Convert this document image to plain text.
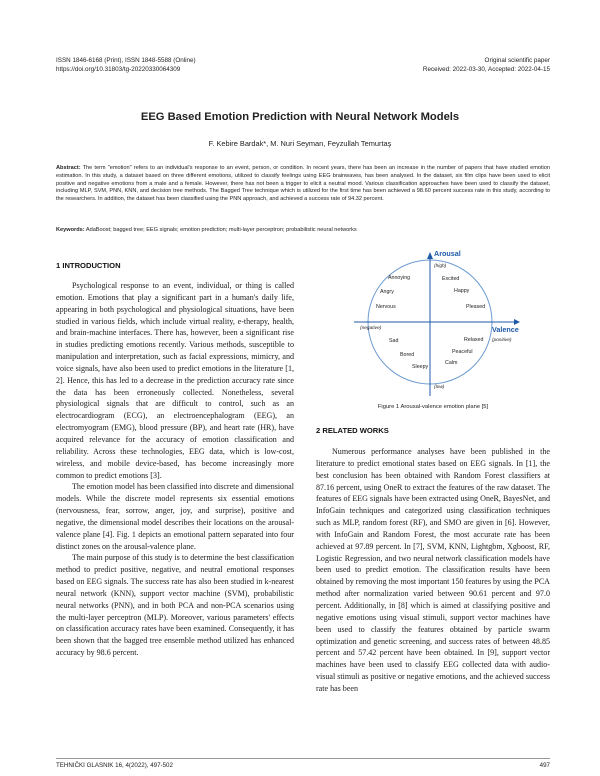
ISSN 1846-6168 (Print), ISSN 1848-5588 (Online)
https://doi.org/10.31803/tg-20220330064309
Original scientific paper
Received: 2022-03-30, Accepted: 2022-04-15
EEG Based Emotion Prediction with Neural Network Models
F. Kebire Bardak*, M. Nuri Seyman, Feyzullah Temurtaş
Abstract: The term "emotion" refers to an individual's response to an event, person, or condition. In recent years, there has been an increase in the number of papers that have studied emotion estimation. In this study, a dataset based on three different emotions, utilized to classify feelings using EEG brainwaves, has been analysed. In the dataset, six film clips have been used to elicit positive and negative emotions from a male and a female. However, there has not been a trigger to elicit a neutral mood. Various classification approaches have been used to classify the dataset, including MLP, SVM, PNN, KNN, and decision tree methods. The Bagged Tree technique which is utilized for the first time has been achieved a 98.60 percent success rate in this study, according to the researchers. In addition, the dataset has been classified using the PNN approach, and achieved a success rate of 94.32 percent.
Keywords: AdaBoost; bagged tree; EEG signals; emotion prediction; multi-layer perceptron; probabilistic neural networks
1 INTRODUCTION

Psychological response to an event, individual, or thing is called emotion. Emotions that play a significant part in a human's daily life, appearing in both psychological and physiological situations, have been studied in various fields, which include virtual reality, e-therapy, health, and brain-machine interfaces. There has, however, been a significant rise in studies predicting emotions recently. Various methods, susceptible to manipulation and interpretation, such as facial expressions, mimicry, and voice signals, have also been used to predict emotions in the literature [1, 2]. Hence, this has led to a decrease in the prediction accuracy rate since the data has been erroneously collected. Nonetheless, several physiological signals that are difficult to control, such as an electrocardiogram (ECG), an electroencephalogram (EEG), an electromyogram (EMG), blood pressure (BP), and heart rate (HR), have acquired relevance for the accuracy of emotion classification and reliability. Across these technologies, EEG data, which is low-cost, wireless, and mobile device-based, has become increasingly more common to predict emotions [3].

The emotion model has been classified into discrete and dimensional models. While the discrete model represents six essential emotions (nervousness, fear, sorrow, anger, joy, and surprise), positive and negative, the dimensional model describes their locations on the arousal-valence plane [4]. Fig. 1 depicts an emotional pattern separated into four distinct zones on the arousal-valence plane.

The main purpose of this study is to determine the best classification method to predict positive, negative, and neutral emotional responses based on EEG signals. The success rate has also been studied in k-nearest neural network (KNN), support vector machine (SVM), probabilistic neural networks (PNN), and in both PCA and non-PCA scenarios using the multi-layer perceptron (MLP). Moreover, various parameters' effects on classification accuracy rates have been examined. Consequently, it has been shown that the bagged tree ensemble method utilized has enhanced accuracy by 98.6 percent.

Arousal
Valence
(high)
(low)
(negative)
(positive)
Annoying	Excited
Angry	Happy
Nervous	Pleased
Sad	Relaxed
Bored	Peaceful
Sleepy
Calm
Figure 1 Arousal-valence emotion plane [5]
2 RELATED WORKS

Numerous performance analyses have been published in the literature to predict emotional states based on EEG signals. In [1], the best conclusion has been obtained with Random Forest classifiers at 87.16 percent, using OneR to extract the features of the raw dataset. The features of EEG signals have been extracted using OneR, BayesNet, and InfoGain techniques and categorized using classification techniques such as MLP, random forest (RF), and SMO are given in [6]. However, with InfoGain and Random Forest, the most accurate rate has been achieved at 97.89 percent. In [7], SVM, KNN, Lightgbm, Xgboost, RF, Logistic Regression, and two neural network classification models have been used to predict emotion. The classification results have been obtained by removing the most important 150 features by using the PCA method after normalization varied between 90.61 percent and 97.0 percent. Additionally, in [8] which is aimed at classifying positive and negative emotions using visual stimuli, support vector machines have been used to classify the features obtained by particle swarm optimization and genetic screening, and success rates of between 48.85 percent and 57.42 percent have been obtained. In [9], support vector machines have been used to classify EEG collected data with audio-visual stimuli as positive or negative emotions, and the achieved success rate has been

TEHNIČKI GLASNIK 16, 4(2022), 497-502	497
